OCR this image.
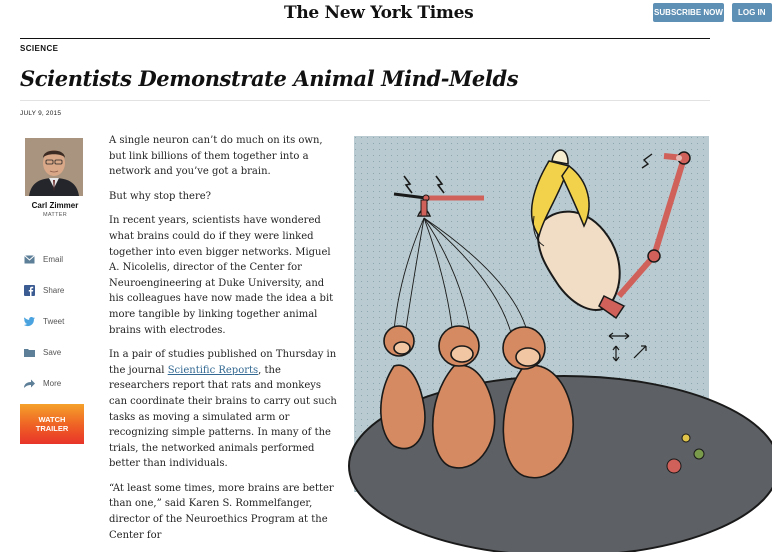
The New York Times	SUBSCRIBE NOW	LOG IN
SCIENCE
Scientists Demonstrate Animal Mind-Melds
JULY 9, 2015
Carl Zimmer
MATTER
Email
Share
Tweet
Save
More
WATCH
TRAILER

A single neuron can’t do much on its own, but link billions of them together into a network and you’ve got a brain.

But why stop there?

In recent years, scientists have wondered what brains could do if they were linked together into even bigger networks. Miguel A. Nicolelis, director of the Center for Neuroengineering at Duke University, and his colleagues have now made the idea a bit more tangible by linking together animal brains with electrodes.

In a pair of studies published on Thursday in the journal Scientific Reports, the researchers report that rats and monkeys can coordinate their brains to carry out such tasks as moving a simulated arm or recognizing simple patterns. In many of the trials, the networked animals performed better than individuals.

“At least some times, more brains are better than one,” said Karen S. Rommelfanger, director of the Neuroethics Program at the Center for
